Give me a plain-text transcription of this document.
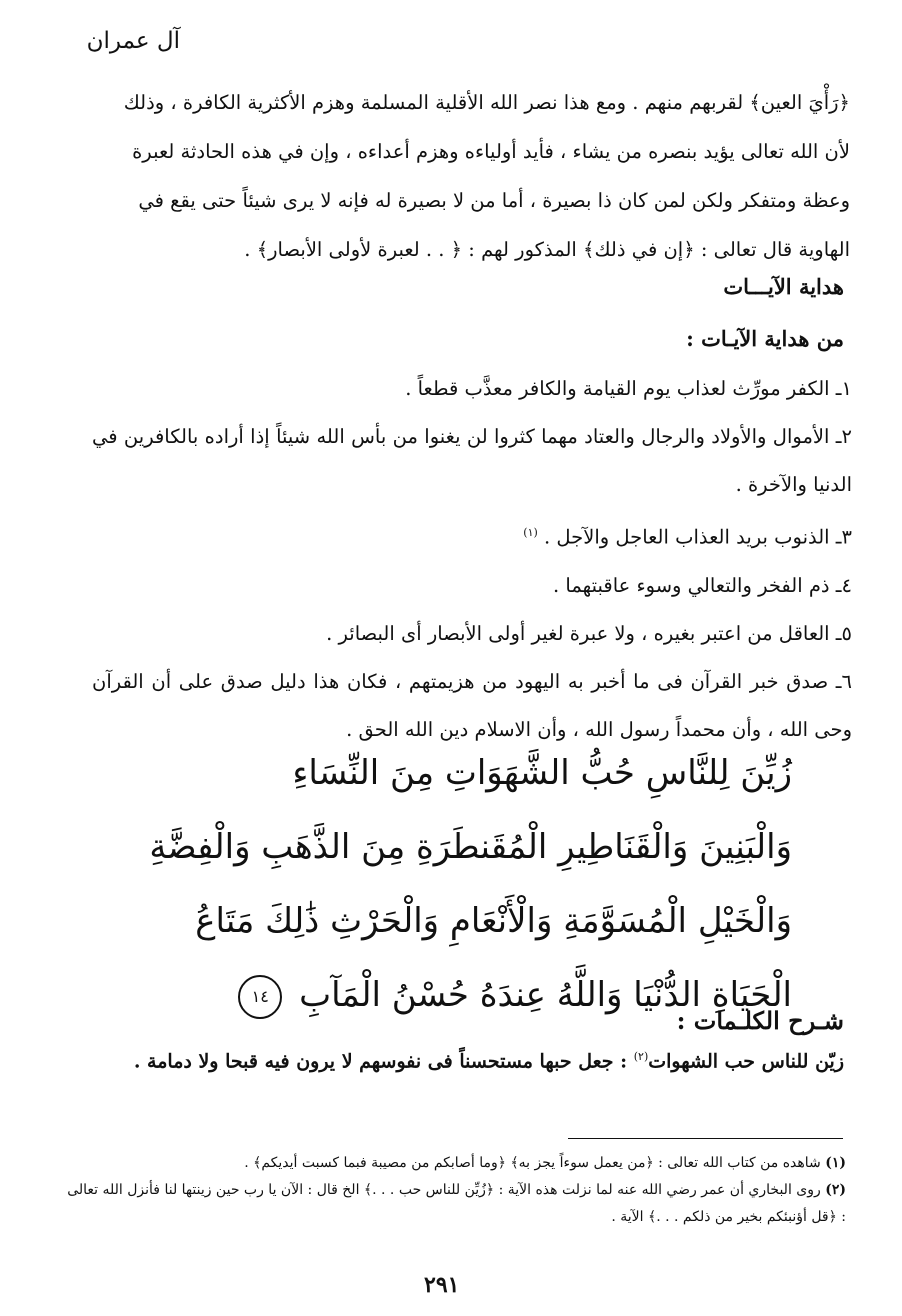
آل عمران

﴿رَأْيَ العين﴾ لقربهم منهم . ومع هذا نصر الله الأقلية المسلمة وهزم الأكثرية الكافرة ، وذلك

لأن الله تعالى يؤيد بنصره من يشاء ، فأيد أولياءه وهزم أعداءه ، وإن في هذه الحادثة لعبرة

وعظة ومتفكر ولكن لمن كان ذا بصيرة ، أما من لا بصيرة له فإنه لا يرى شيئاً حتى يقع في

الهاوية قال تعالى : ﴿إن في ذلك﴾ المذكور لهم : ﴿ . . لعبرة لأولى الأبصار﴾ .

هداية الآيـــات
من هداية الآيـات :

١ـ الكفر مورِّث لعذاب يوم القيامة والكافر معذَّب قطعاً .

٢ـ الأموال والأولاد والرجال والعتاد مهما كثروا لن يغنوا من بأس الله شيئاً إذا أراده بالكافرين في الدنيا والآخرة .

٣ـ الذنوب بريد العذاب العاجل والآجل . $^{(١)}$

٤ـ ذم الفخر والتعالي وسوء عاقبتهما .

٥ـ العاقل من اعتبر بغيره ، ولا عبرة لغير أولى الأبصار أى البصائر .

٦ـ صدق خبر القرآن فى ما أخبر به اليهود من هزيمتهم ، فكان هذا دليل صدق على أن القرآن وحى الله ، وأن محمداً رسول الله ، وأن الاسلام دين الله الحق .

زُيِّنَ لِلنَّاسِ حُبُّ الشَّهَوَاتِ مِنَ النِّسَاءِ

وَالْبَنِينَ وَالْقَنَاطِيرِ الْمُقَنطَرَةِ مِنَ الذَّهَبِ وَالْفِضَّةِ

وَالْخَيْلِ الْمُسَوَّمَةِ وَالْأَنْعَامِ وَالْحَرْثِ ذَٰلِكَ مَتَاعُ

الْحَيَاةِ الدُّنْيَا وَاللَّهُ عِندَهُ حُسْنُ الْمَآبِ ١٤

شـرح الكلـمات :
زيّن للناس حب الشهوات$^{(٢)}$ : جعل حبها مستحسناً فى نفوسهم لا يرون فيه قبحا ولا دمامة .

(١) شاهده من كتاب الله تعالى : ﴿من يعمل سوءاً يجز به﴾ ﴿وما أصابكم من مصيبة فبما كسبت أيديكم﴾ .

(٢) روى البخاري أن عمر رضي الله عنه لما نزلت هذه الآية : ﴿زُيِّن للناس حب . . .﴾ الخ قال : الآن يا رب حين زينتها لنا فأنزل الله تعالى : ﴿قل أؤنبئكم بخير من ذلكم . . .﴾ الآية .

٢٩١
